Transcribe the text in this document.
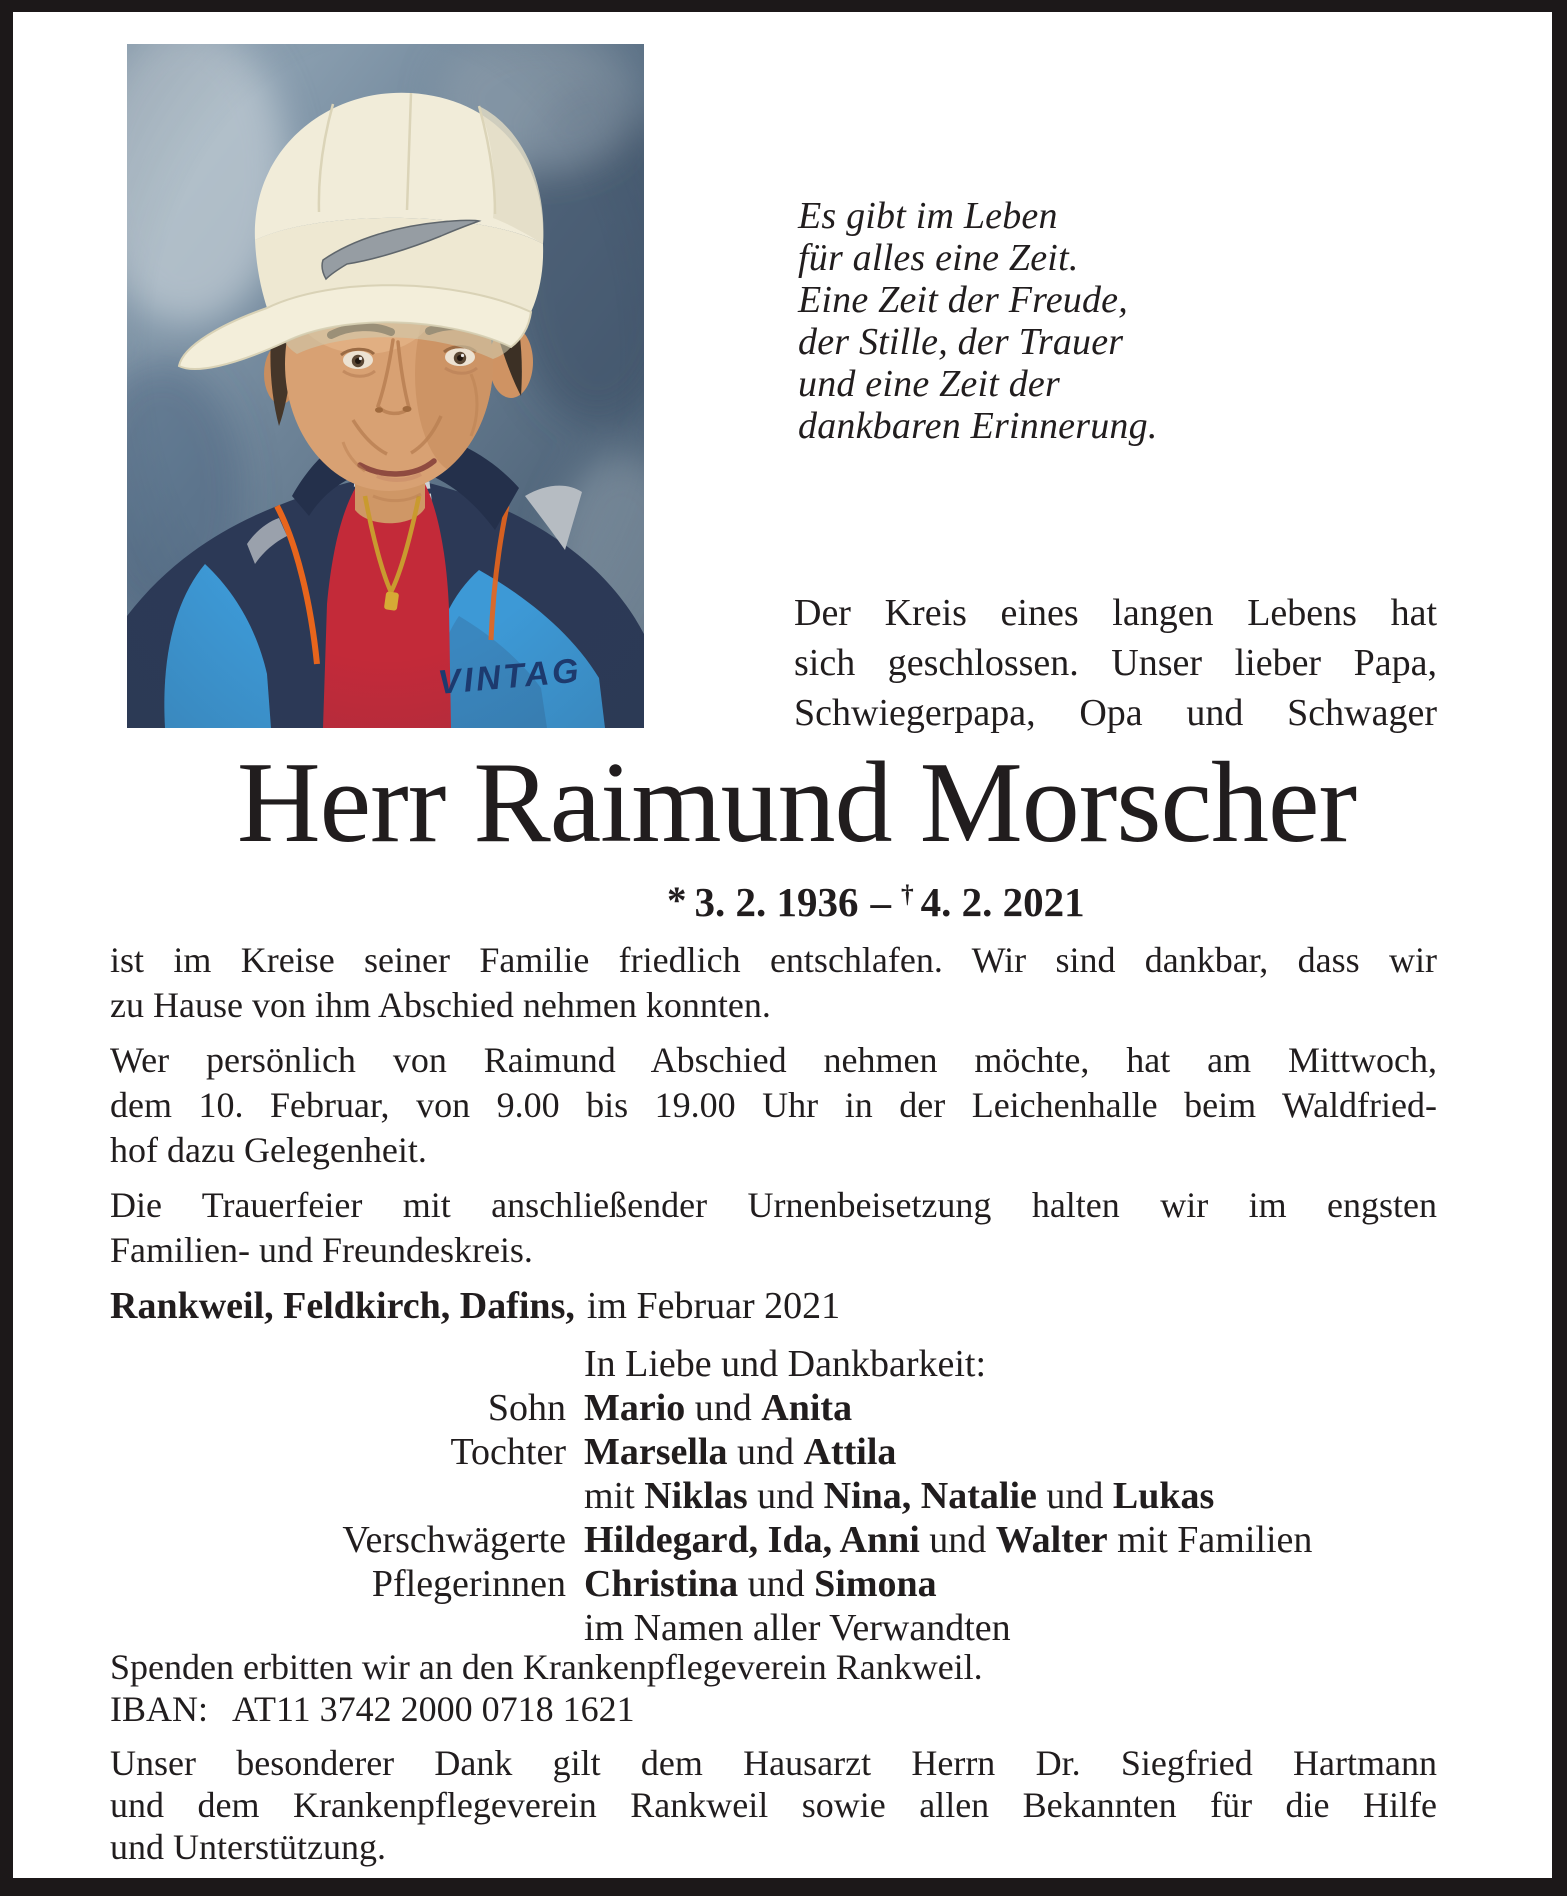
Es gibt im Leben
für alles eine Zeit.
Eine Zeit der Freude,
der Stille, der Trauer
und eine Zeit der
dankbaren Erinnerung.
Der Kreis eines langen Lebens hat
sich geschlossen. Unser lieber Papa,
Schwiegerpapa, Opa und Schwager
Herr Raimund Morscher
* 3. 2. 1936 – † 4. 2. 2021
ist im Kreise seiner Familie friedlich entschlafen. Wir sind dankbar, dass wir
zu Hause von ihm Abschied nehmen konnten.
Wer persönlich von Raimund Abschied nehmen möchte, hat am Mittwoch,
dem 10. Februar, von 9.00 bis 19.00 Uhr in der Leichenhalle beim Waldfried-
hof dazu Gelegenheit.
Die Trauerfeier mit anschließender Urnenbeisetzung halten wir im engsten
Familien- und Freundeskreis.
Rankweil, Feldkirch, Dafins, im Februar 2021
In Liebe und Dankbarkeit:
Sohn Mario und Anita
Tochter Marsella und Attila
mit Niklas und Nina, Natalie und Lukas
Verschwägerte Hildegard, Ida, Anni und Walter mit Familien
Pflegerinnen Christina und Simona
im Namen aller Verwandten
Spenden erbitten wir an den Krankenpflegeverein Rankweil.
IBAN: AT11 3742 2000 0718 1621
Unser besonderer Dank gilt dem Hausarzt Herrn Dr. Siegfried Hartmann
und dem Krankenpflegeverein Rankweil sowie allen Bekannten für die Hilfe
und Unterstützung.
